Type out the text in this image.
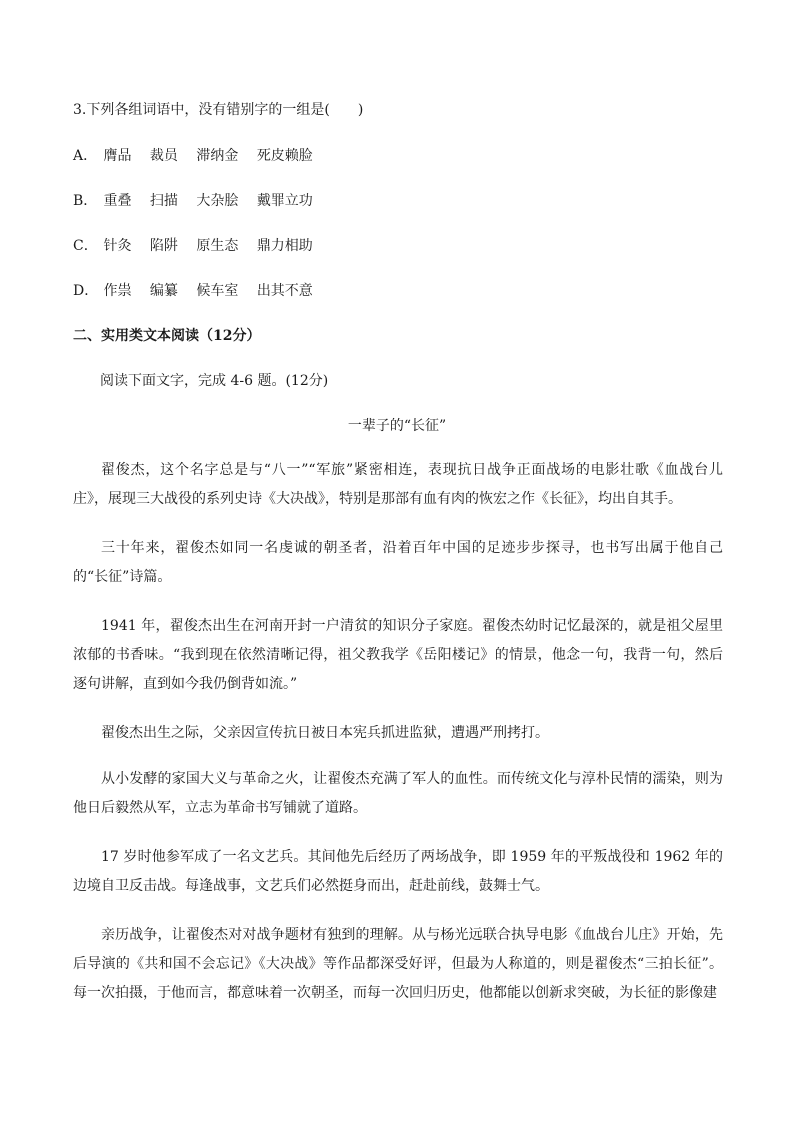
3.下列各组词语中，没有错别字的一组是(　　)
A． 膺品 裁员 滞纳金 死皮赖脸
B． 重叠 扫描 大杂脍 戴罪立功
C． 针灸 陷阱 原生态 鼎力相助
D． 作祟 编纂 候车室 出其不意
二、实用类文本阅读（12分）
阅读下面文字，完成 4-6 题。(12分)
一辈子的“长征”
翟俊杰，这个名字总是与“八一”“军旅”紧密相连，表现抗日战争正面战场的电影壮歌《血战台儿庄》，展现三大战役的系列史诗《大决战》，特别是那部有血有肉的恢宏之作《长征》，均出自其手。
三十年来，翟俊杰如同一名虔诚的朝圣者，沿着百年中国的足迹步步探寻，也书写出属于他自己的“长征”诗篇。
1941 年，翟俊杰出生在河南开封一户清贫的知识分子家庭。翟俊杰幼时记忆最深的，就是祖父屋里浓郁的书香味。“我到现在依然清晰记得，祖父教我学《岳阳楼记》的情景，他念一句，我背一句，然后逐句讲解，直到如今我仍倒背如流。”
翟俊杰出生之际，父亲因宣传抗日被日本宪兵抓进监狱，遭遇严刑拷打。
从小发酵的家国大义与革命之火，让翟俊杰充满了军人的血性。而传统文化与淳朴民情的濡染，则为他日后毅然从军，立志为革命书写铺就了道路。
17 岁时他参军成了一名文艺兵。其间他先后经历了两场战争，即 1959 年的平叛战役和 1962 年的边境自卫反击战。每逢战事，文艺兵们必然挺身而出，赶赴前线，鼓舞士气。
亲历战争，让翟俊杰对对战争题材有独到的理解。从与杨光远联合执导电影《血战台儿庄》开始，先后导演的《共和国不会忘记》《大决战》等作品都深受好评，但最为人称道的，则是翟俊杰“三拍长征”。每一次拍摄，于他而言，都意味着一次朝圣，而每一次回归历史，他都能以创新求突破，为长征的影像建
